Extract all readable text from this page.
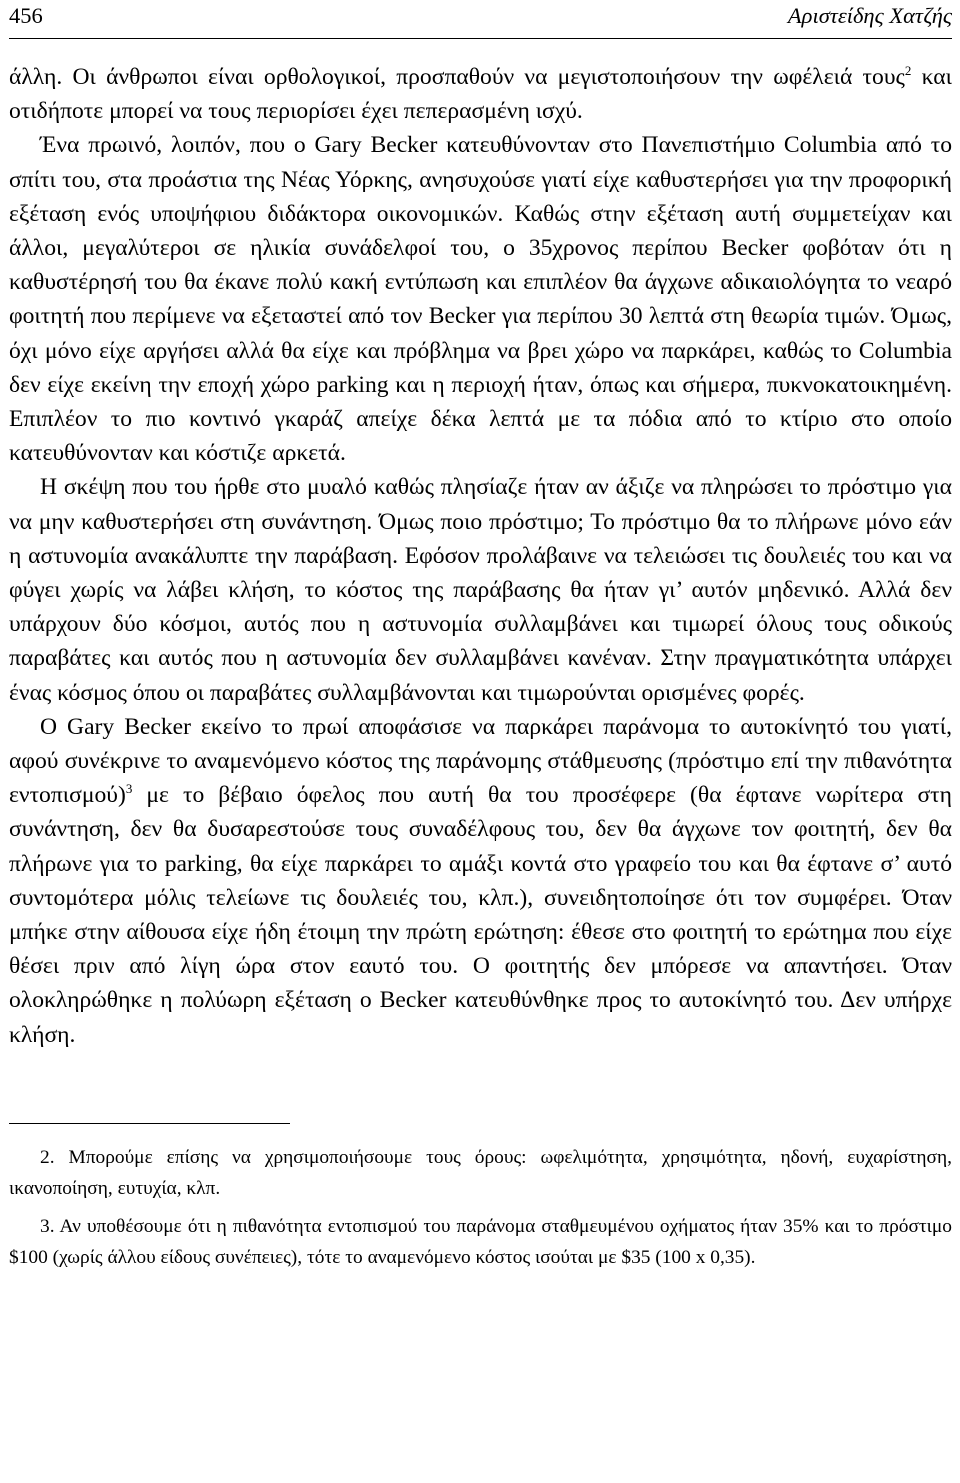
456	Αριστείδης Χατζής

άλλη. Οι άνθρωποι είναι ορθολογικοί, προσπαθούν να μεγιστοποιήσουν την ωφέλειά τους$^2$ και οτιδήποτε μπορεί να τους περιορίσει έχει πεπερασμένη ισχύ.

Ένα πρωινό, λοιπόν, που ο Gary Becker κατευθύνονταν στο Πανεπιστήμιο Columbia από το σπίτι του, στα προάστια της Νέας Υόρκης, ανησυχούσε γιατί είχε καθυστερήσει για την προφορική εξέταση ενός υποψήφιου διδάκτορα οικονομικών. Καθώς στην εξέταση αυτή συμμετείχαν και άλλοι, μεγαλύτεροι σε ηλικία συνάδελφοί του, ο 35χρονος περίπου Becker φοβόταν ότι η καθυστέρησή του θα έκανε πολύ κακή εντύπωση και επιπλέον θα άγχωνε αδικαιολόγητα το νεαρό φοιτητή που περίμενε να εξεταστεί από τον Becker για περίπου 30 λεπτά στη θεωρία τιμών. Όμως, όχι μόνο είχε αργήσει αλλά θα είχε και πρόβλημα να βρει χώρο να παρκάρει, καθώς το Columbia δεν είχε εκείνη την εποχή χώρο parking και η περιοχή ήταν, όπως και σήμερα, πυκνοκατοικημένη. Επιπλέον το πιο κοντινό γκαράζ απείχε δέκα λεπτά με τα πόδια από το κτίριο στο οποίο κατευθύνονταν και κόστιζε αρκετά.

Η σκέψη που του ήρθε στο μυαλό καθώς πλησίαζε ήταν αν άξιζε να πληρώσει το πρόστιμο για να μην καθυστερήσει στη συνάντηση. Όμως ποιο πρόστιμο; Το πρόστιμο θα το πλήρωνε μόνο εάν η αστυνομία ανακάλυπτε την παράβαση. Εφόσον προλάβαινε να τελειώσει τις δουλειές του και να φύγει χωρίς να λάβει κλήση, το κόστος της παράβασης θα ήταν γι’ αυτόν μηδενικό. Αλλά δεν υπάρχουν δύο κόσμοι, αυτός που η αστυνομία συλλαμβάνει και τιμωρεί όλους τους οδικούς παραβάτες και αυτός που η αστυνομία δεν συλλαμβάνει κανέναν. Στην πραγματικότητα υπάρχει ένας κόσμος όπου οι παραβάτες συλλαμβάνονται και τιμωρούνται ορισμένες φορές.

Ο Gary Becker εκείνο το πρωί αποφάσισε να παρκάρει παράνομα το αυτοκίνητό του γιατί, αφού συνέκρινε το αναμενόμενο κόστος της παράνομης στάθμευσης (πρόστιμο επί την πιθανότητα εντοπισμού)$^3$ με το βέβαιο όφελος που αυτή θα του προσέφερε (θα έφτανε νωρίτερα στη συνάντηση, δεν θα δυσαρεστούσε τους συναδέλφους του, δεν θα άγχωνε τον φοιτητή, δεν θα πλήρωνε για το parking, θα είχε παρκάρει το αμάξι κοντά στο γραφείο του και θα έφτανε σ’ αυτό συντομότερα μόλις τελείωνε τις δουλειές του, κλπ.), συνειδητοποίησε ότι τον συμφέρει. Όταν μπήκε στην αίθουσα είχε ήδη έτοιμη την πρώτη ερώτηση: έθεσε στο φοιτητή το ερώτημα που είχε θέσει πριν από λίγη ώρα στον εαυτό του. Ο φοιτητής δεν μπόρεσε να απαντήσει. Όταν ολοκληρώθηκε η πολύωρη εξέταση ο Becker κατευθύνθηκε προς το αυτοκίνητό του. Δεν υπήρχε κλήση.

2. Μπορούμε επίσης να χρησιμοποιήσουμε τους όρους: ωφελιμότητα, χρησιμότητα, ηδονή, ευχαρίστηση, ικανοποίηση, ευτυχία, κλπ.

3. Αν υποθέσουμε ότι η πιθανότητα εντοπισμού του παράνομα σταθμευμένου οχήματος ήταν 35% και το πρόστιμο $100 (χωρίς άλλου είδους συνέπειες), τότε το αναμενόμενο κόστος ισούται με $35 (100 x 0,35).
